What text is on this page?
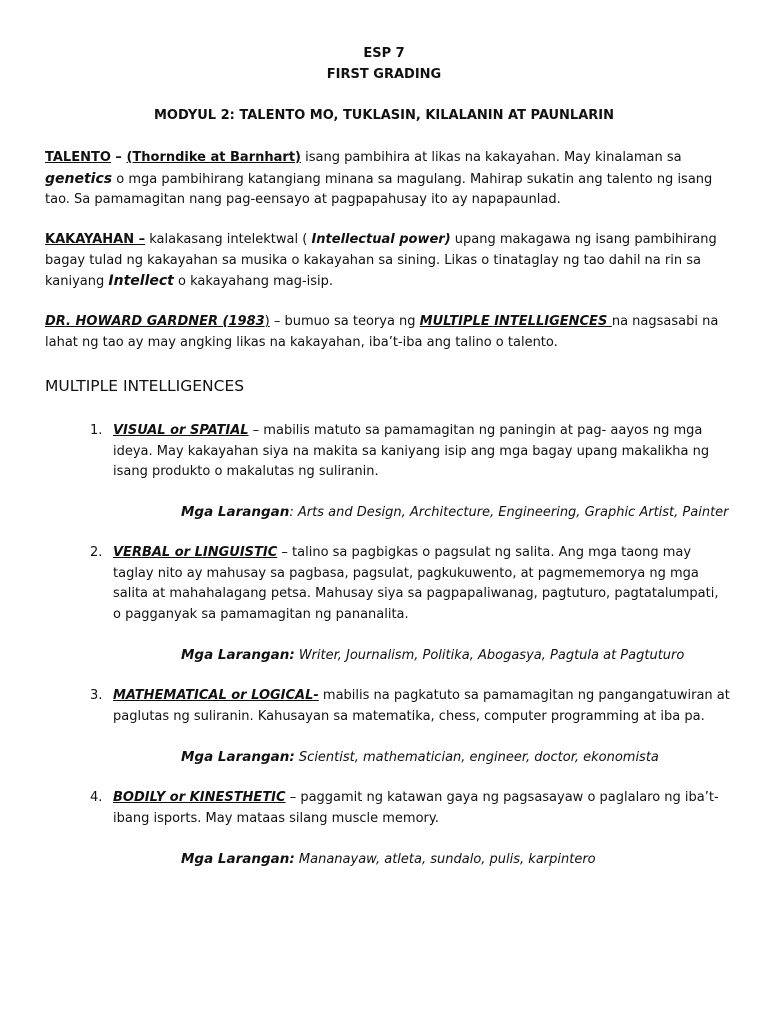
ESP 7
FIRST GRADING
MODYUL 2: TALENTO MO, TUKLASIN, KILALANIN AT PAUNLARIN
TALENTO – (Thorndike at Barnhart) isang pambihira at likas na kakayahan. May kinalaman sa genetics o mga pambihirang katangiang minana sa magulang. Mahirap sukatin ang talento ng isang tao. Sa pamamagitan nang pag-eensayo at pagpapahusay ito ay napapaunlad.
KAKAYAHAN – kalakasang intelektwal ( Intellectual power) upang makagawa ng isang pambihirang bagay tulad ng kakayahan sa musika o kakayahan sa sining. Likas o tinataglay ng tao dahil na rin sa kaniyang Intellect o kakayahang mag-isip.
DR. HOWARD GARDNER (1983) – bumuo sa teorya ng MULTIPLE INTELLIGENCES na nagsasabi na lahat ng tao ay may angking likas na kakayahan, iba’t-iba ang talino o talento.
MULTIPLE INTELLIGENCES
1. VISUAL or SPATIAL – mabilis matuto sa pamamagitan ng paningin at pag- aayos ng mga ideya. May kakayahan siya na makita sa kaniyang isip ang mga bagay upang makalikha ng isang produkto o makalutas ng suliranin.
Mga Larangan: Arts and Design, Architecture, Engineering, Graphic Artist, Painter
2. VERBAL or LINGUISTIC – talino sa pagbigkas o pagsulat ng salita. Ang mga taong may taglay nito ay mahusay sa pagbasa, pagsulat, pagkukuwento, at pagmememorya ng mga salita at mahahalagang petsa. Mahusay siya sa pagpapaliwanag, pagtuturo, pagtatalumpati, o pagganyak sa pamamagitan ng pananalita.
Mga Larangan: Writer, Journalism, Politika, Abogasya, Pagtula at Pagtuturo
3. MATHEMATICAL or LOGICAL- mabilis na pagkatuto sa pamamagitan ng pangangatuwiran at paglutas ng suliranin. Kahusayan sa matematika, chess, computer programming at iba pa.
Mga Larangan: Scientist, mathematician, engineer, doctor, ekonomista
4. BODILY or KINESTHETIC – paggamit ng katawan gaya ng pagsasayaw o paglalaro ng iba’t-ibang isports. May mataas silang muscle memory.
Mga Larangan: Mananayaw, atleta, sundalo, pulis, karpintero
